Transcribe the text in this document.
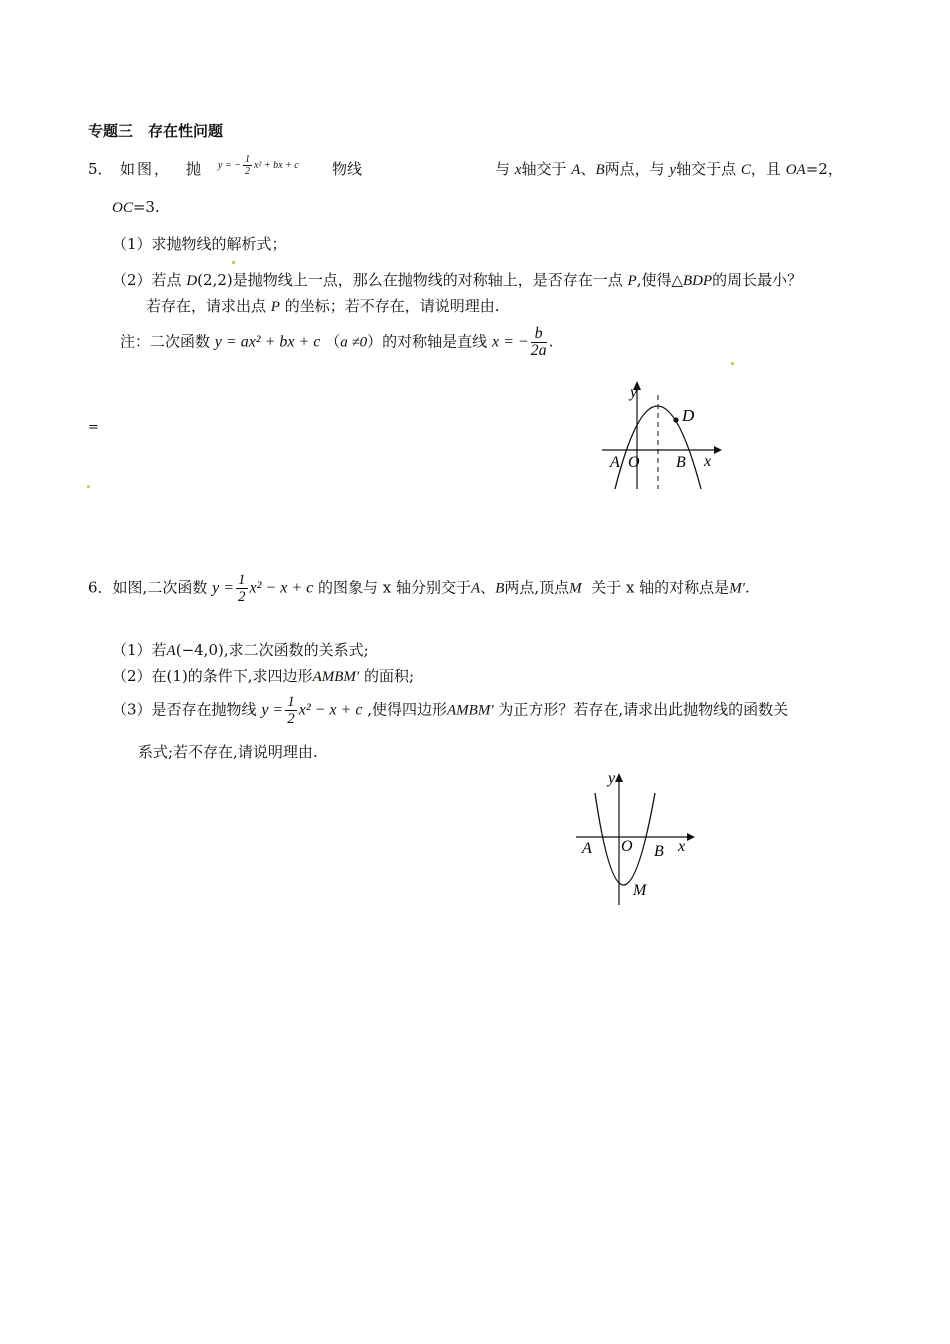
专题三　存在性问题
5． 如图， 抛 y = − $\frac{1}{2} x^2$ + bx + c 物线	与 x轴交于 A、B两点，与 y轴交于点 C，且 OA=2，
OC=3.
（1）求抛物线的解析式；
（2）若点 D(2,2)是抛物线上一点，那么在抛物线的对称轴上，是否存在一点 P,使得△BDP的周长最小？
若存在，请求出点 P 的坐标；若不存在，请说明理由.
注：二次函数 y = ax² + bx + c （a ≠0）的对称轴是直线 x = − $\frac{b}{2a}$ .
=
y
D
A O B x
6．如图,二次函数 $y = \frac{1}{2} x^2 - x + c$ 的图象与 x 轴分别交于A、B两点,顶点M 关于 x 轴的对称点是M′.
（1）若A(−4,0),求二次函数的关系式;
（2）在(1)的条件下,求四边形AMBM′ 的面积;
（3）是否存在抛物线 $y = \frac{1}{2} x^2 - x + c$ ,使得四边形AMBM′ 为正方形？若存在,请求出此抛物线的函数关
系式;若不存在,请说明理由.
y
A O B x
M
